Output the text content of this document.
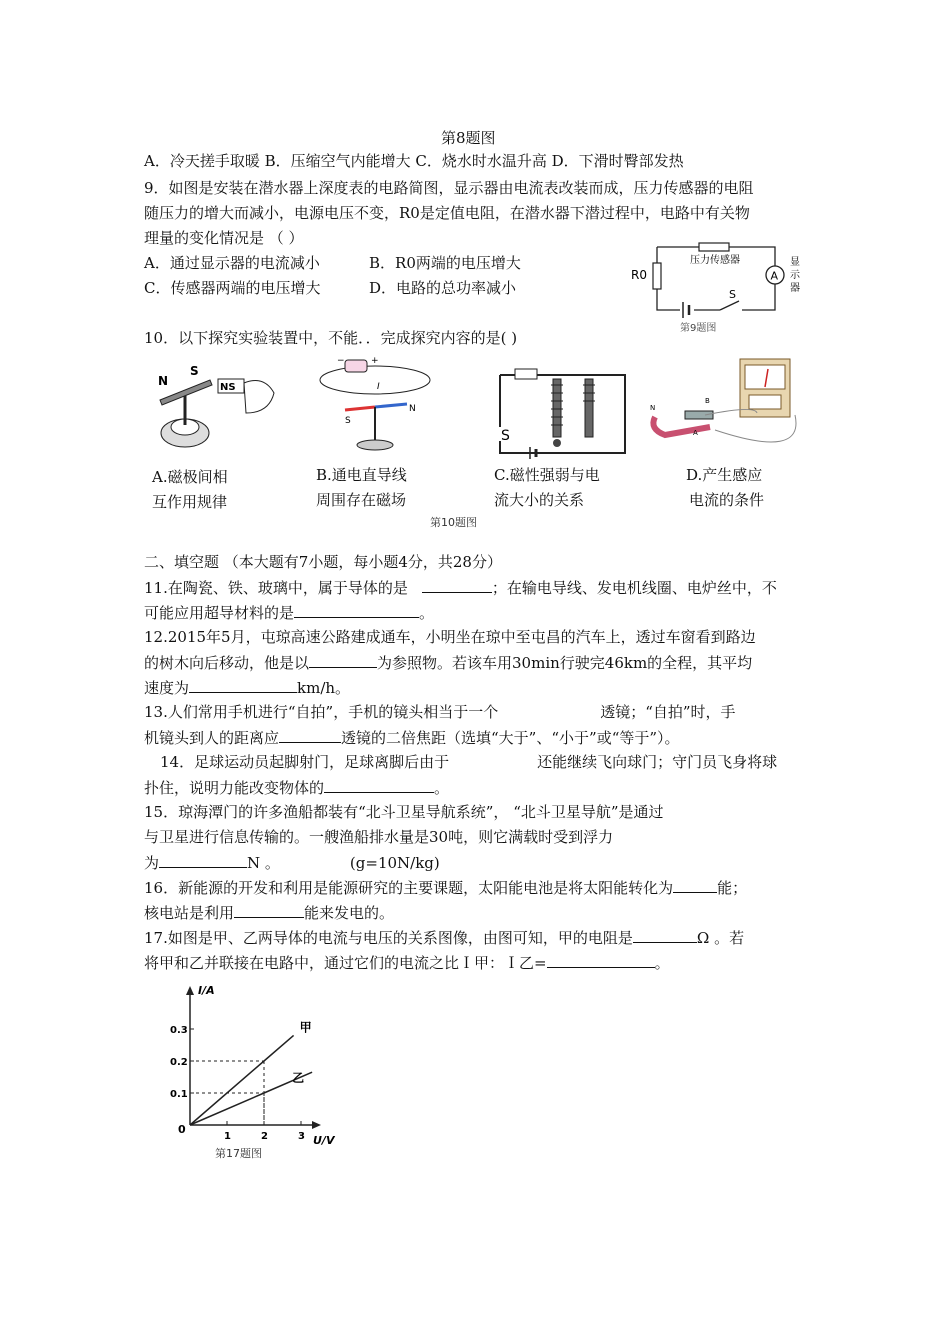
第8题图
A．冷天搓手取暖 B．压缩空气内能增大 C．烧水时水温升高 D．下滑时臀部发热
9．如图是安装在潜水器上深度表的电路简图，显示器由电流表改装而成，压力传感器的电阻
随压力的增大而减小，电源电压不变，R0是定值电阻，在潜水器下潜过程中，电路中有关物
理量的变化情况是 （ ）
A．通过显示器的电流减小	B．R0两端的电压增大
C．传感器两端的电压增大	D．电路的总功率减小
压力传感器
R0	A
显
示
器
S
第9题图
10．以下探究实验装置中，不能．．完成探究内容的是( )
N
S
NS
A.磁极间相
互作用规律
−	+
I
S
N
B.通电直导线
周围存在磁场
S
C.磁性强弱与电
流大小的关系
N
B
A
D.产生感应
电流的条件
第10题图
二、填空题 （本大题有7小题，每小题4分，共28分）
11.在陶瓷、铁、玻璃中，属于导体的是	；在输电导线、发电机线圈、电炉丝中，不
可能应用超导材料的是	。
12.2015年5月，屯琼高速公路建成通车，小明坐在琼中至屯昌的汽车上，透过车窗看到路边
的树木向后移动，他是以	为参照物。若该车用30min行驶完46km的全程，其平均
速度为	km/h。
13.人们常用手机进行“自拍”，手机的镜头相当于一个	透镜；“自拍”时，手
机镜头到人的距离应	透镜的二倍焦距（选填“大于”、“小于”或“等于”）。
14．足球运动员起脚射门，足球离脚后由于	还能继续飞向球门；守门员飞身将球
扑住，说明力能改变物体的	。
15．琼海潭门的许多渔船都装有“北斗卫星导航系统”， “北斗卫星导航”是通过
与卫星进行信息传输的。一艘渔船排水量是30吨，则它满载时受到浮力
为	N 。	(g=10N/kg)
16．新能源的开发和利用是能源研究的主要课题，太阳能电池是将太阳能转化为	能；
核电站是利用	能来发电的。
17.如图是甲、乙两导体的电流与电压的关系图像，由图可知，甲的电阻是	Ω 。若
将甲和乙并联接在电路中，通过它们的电流之比Ｉ甲：Ｉ乙=	。
I/A
U/V
0
1	2	3
0.1
0.2
0.3	甲
乙
第17题图
